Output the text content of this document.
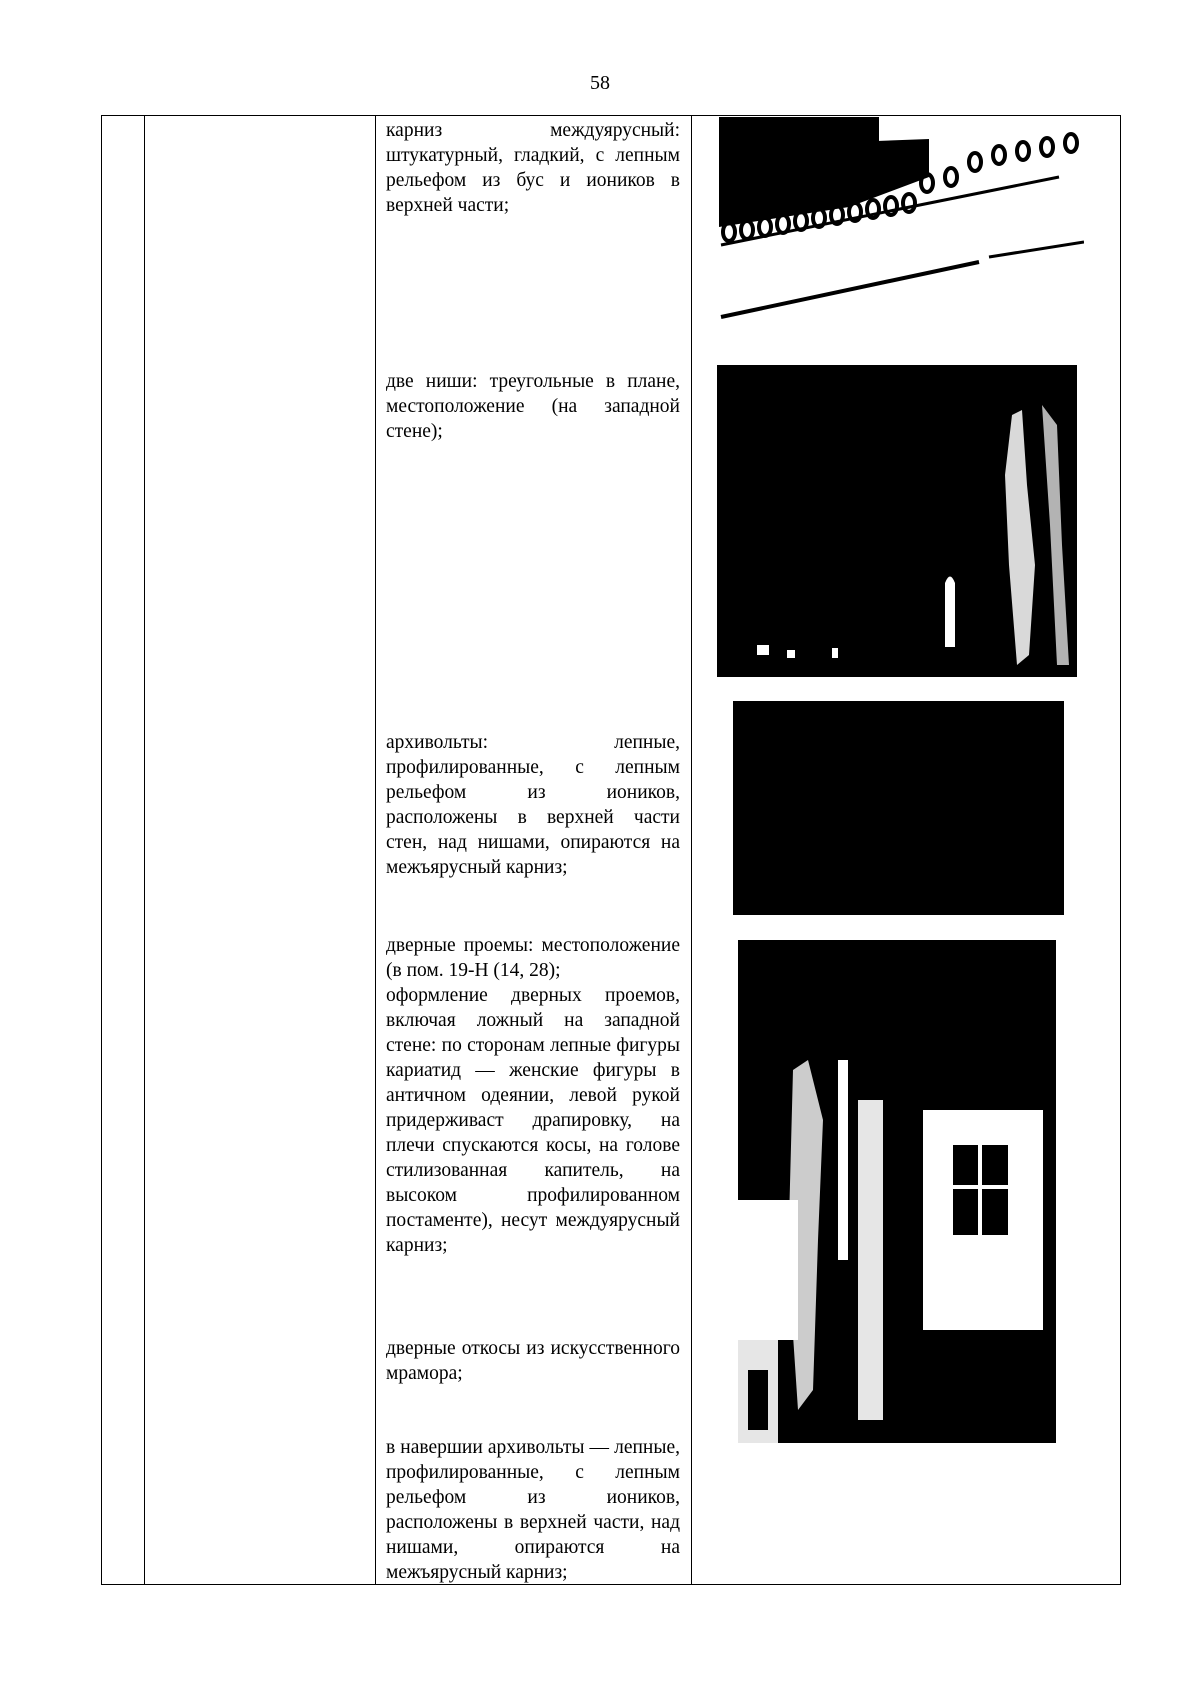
58

карниз междуярусный: штукатурный, гладкий, с лепным рельефом из бус и иоников в верхней части;

две ниши: треугольные в плане, местоположение (на западной стене);

архивольты: лепные, профилированные, с лепным рельефом из иоников, расположены в верхней части стен, над нишами, опираются на межъярусный карниз;

дверные проемы: местоположение (в пом. 19-Н (14, 28);

оформление дверных проемов, включая ложный на западной стене: по сторонам лепные фигуры кариатид — женские фигуры в античном одеянии, левой рукой придерживаст драпировку, на плечи спускаются косы, на голове стилизованная капитель, на высоком профилированном постаменте), несут междуярусный карниз;

дверные откосы из искусственного мрамора;

в навершии архивольты — лепные, профилированные, с лепным рельефом из иоников, расположены в верхней части, над нишами, опираются на межъярусный карниз;
